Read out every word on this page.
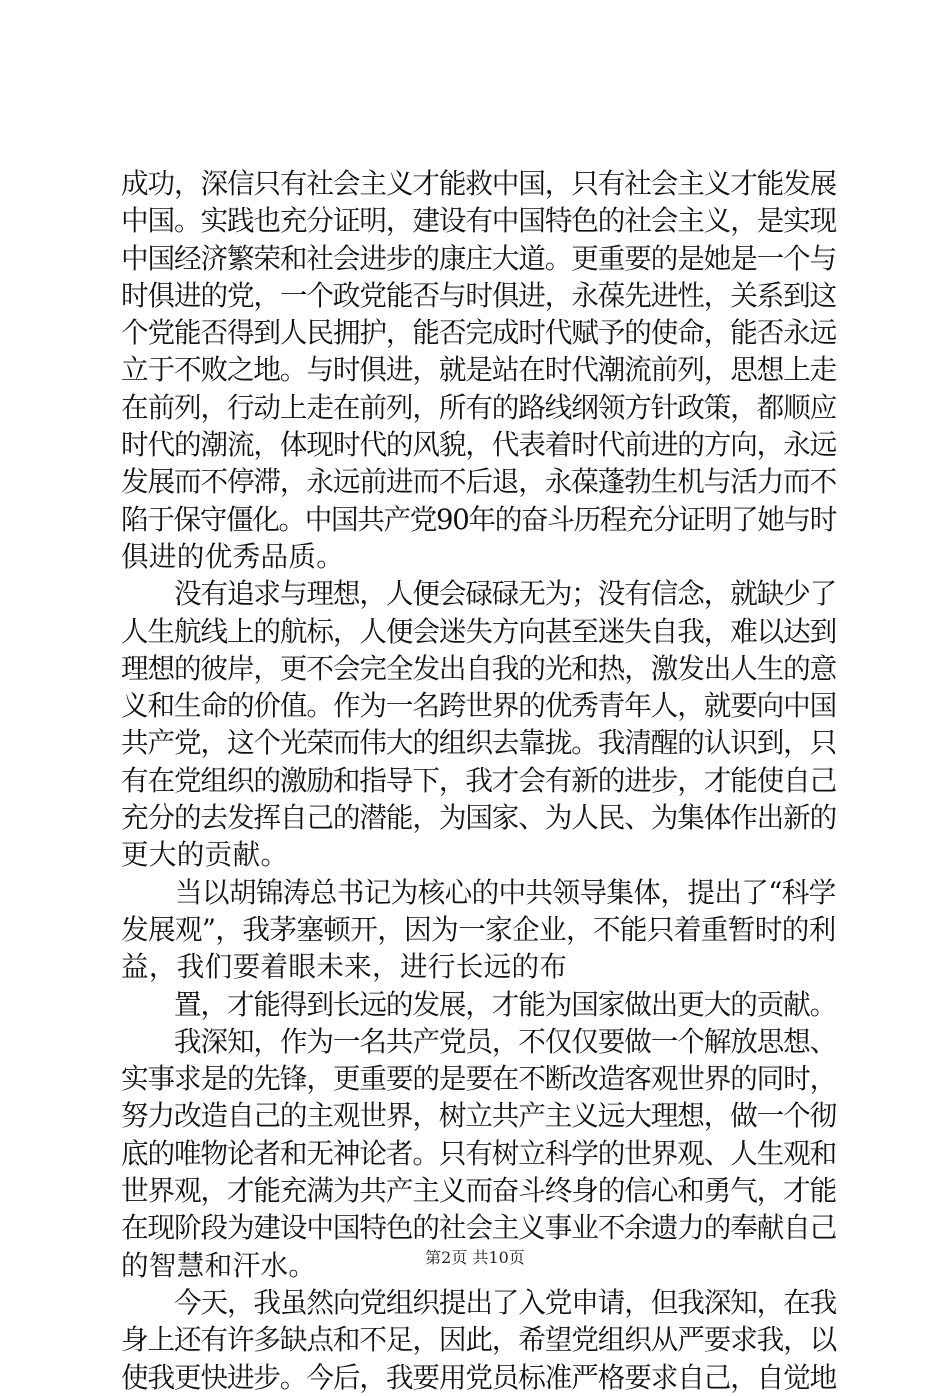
成功，深信只有社会主义才能救中国，只有社会主义才能发展
中国。实践也充分证明，建设有中国特色的社会主义，是实现
中国经济繁荣和社会进步的康庄大道。更重要的是她是一个与
时俱进的党，一个政党能否与时俱进，永葆先进性，关系到这
个党能否得到人民拥护，能否完成时代赋予的使命，能否永远
立于不败之地。与时俱进，就是站在时代潮流前列，思想上走
在前列，行动上走在前列，所有的路线纲领方针政策，都顺应
时代的潮流，体现时代的风貌，代表着时代前进的方向，永远
发展而不停滞，永远前进而不后退，永葆蓬勃生机与活力而不
陷于保守僵化。中国共产党90年的奋斗历程充分证明了她与时
俱进的优秀品质。
　　没有追求与理想，人便会碌碌无为；没有信念，就缺少了
人生航线上的航标，人便会迷失方向甚至迷失自我，难以达到
理想的彼岸，更不会完全发出自我的光和热，激发出人生的意
义和生命的价值。作为一名跨世界的优秀青年人，就要向中国
共产党，这个光荣而伟大的组织去靠拢。我清醒的认识到，只
有在党组织的激励和指导下，我才会有新的进步，才能使自己
充分的去发挥自己的潜能，为国家、为人民、为集体作出新的
更大的贡献。
　　当以胡锦涛总书记为核心的中共领导集体，提出了“科学
发展观”，我茅塞顿开，因为一家企业，不能只着重暂时的利
益，我们要着眼未来，进行长远的布
　　置，才能得到长远的发展，才能为国家做出更大的贡献。
　　我深知，作为一名共产党员，不仅仅要做一个解放思想、
实事求是的先锋，更重要的是要在不断改造客观世界的同时，
努力改造自己的主观世界，树立共产主义远大理想，做一个彻
底的唯物论者和无神论者。只有树立科学的世界观、人生观和
世界观，才能充满为共产主义而奋斗终身的信心和勇气，才能
在现阶段为建设中国特色的社会主义事业不余遗力的奉献自己
的智慧和汗水。
　　今天，我虽然向党组织提出了入党申请，但我深知，在我
身上还有许多缺点和不足，因此，希望党组织从严要求我，以
使我更快进步。今后，我要用党员标准严格要求自己，自觉地
第2页 共10页
